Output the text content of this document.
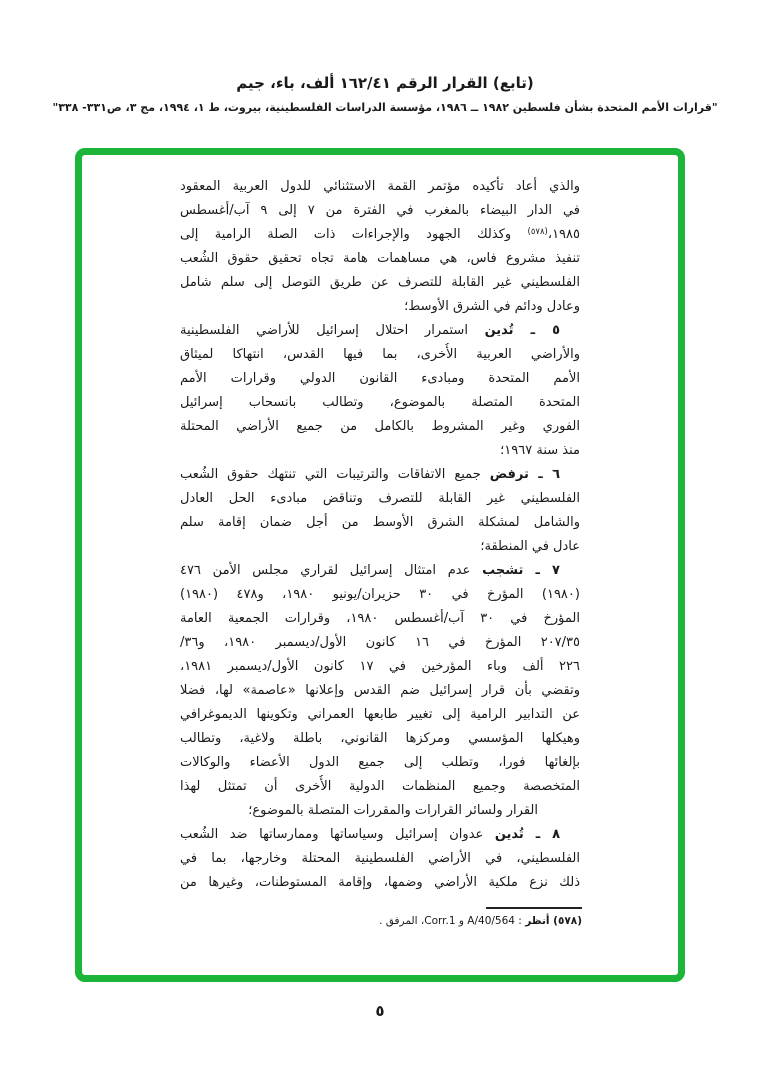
(تابع) القرار الرقم ١٦٢/٤١ ألف، باء، جيم
"قرارات الأمم المتحدة بشأن فلسطين ١٩٨٢ ــ ١٩٨٦، مؤسسة الدراسات الفلسطينية، بيروت، ط ١، ١٩٩٤، مج ٣، ص٣٣١- ٣٣٨"
والذي أعاد تأكيده مؤتمر القمة الاستثنائي للدول العربية المعقود
في الدار البيضاء بالمغرب في الفترة من ٧ إلى ٩ آب/أغسطس
١٩٨٥،$^{(٥٧٨)}$ وكذلك الجهود والإجراءات ذات الصلة الرامية إلى
تنفيذ مشروع فاس، هي مساهمات هامة تجاه تحقيق حقوق الشُعب
الفلسطيني غير القابلة للتصرف عن طريق التوصل إلى سلم شامل
وعادل ودائم في الشرق الأوسط؛
٥ ـ تُدين استمرار احتلال إسرائيل للأراضي الفلسطينية
والأراضي العربية الأُخرى، بما فيها القدس، انتهاكا لميثاق
الأمم المتحدة ومبادىء القانون الدولي وقرارات الأمم
المتحدة المتصلة بالموضوع، وتطالب بانسحاب إسرائيل
الفوري وغير المشروط بالكامل من جميع الأراضي المحتلة
منذ سنة ١٩٦٧؛
٦ ـ ترفض جميع الاتفاقات والترتيبات التي تنتهك حقوق الشُعب
الفلسطيني غير القابلة للتصرف وتناقض مبادىء الحل العادل
والشامل لمشكلة الشرق الأوسط من أجل ضمان إقامة سلم
عادل في المنطقة؛
٧ ـ تشجب عدم امتثال إسرائيل لقراري مجلس الأمن ٤٧٦
(١٩٨٠) المؤرخ في ٣٠ حزيران/يونيو ١٩٨٠، و٤٧٨ (١٩٨٠)
المؤرخ في ٣٠ آب/أغسطس ١٩٨٠، وقرارات الجمعية العامة
٢٠٧/٣٥ المؤرخ في ١٦ كانون الأول/ديسمبر ١٩٨٠، و٣٦/
٢٢٦ ألف وباء المؤرخين في ١٧ كانون الأول/ديسمبر ١٩٨١،
وتقضي بأن قرار إسرائيل ضم القدس وإعلانها «عاصمة» لها، فضلا
عن التدابير الرامية إلى تغيير طابعها العمراني وتكوينها الديموغرافي
وهيكلها المؤسسي ومركزها القانوني، باطلة ولاغية، وتطالب
بإلغائها فورا، وتطلب إلى جميع الدول الأعضاء والوكالات
المتخصصة وجميع المنظمات الدولية الأُخرى أن تمتثل لهذا
القرار ولسائر القرارات والمقررات المتصلة بالموضوع؛
٨ ـ تُدين عدوان إسرائيل وسياساتها وممارساتها ضد الشُعب
الفلسطيني، في الأراضي الفلسطينية المحتلة وخارجها، بما في
ذلك نزع ملكية الأراضي وضمها، وإقامة المستوطنات، وغيرها من
(٥٧٨) أنظر : A/40/564 و Corr.1، المرفق .
٥
